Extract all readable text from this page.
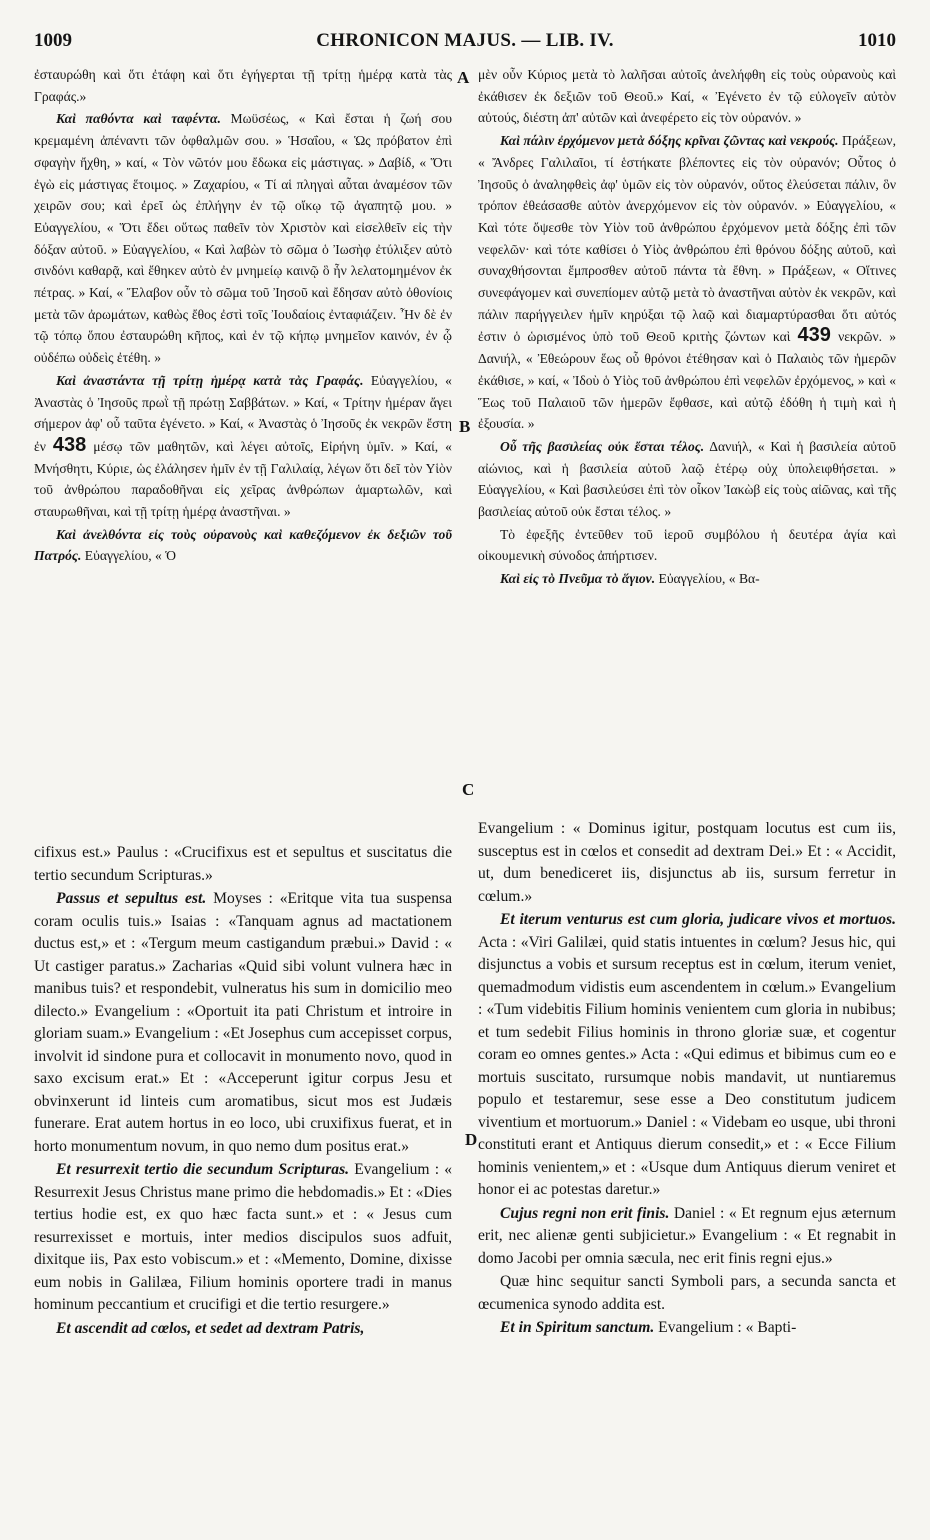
1009	CHRONICON MAJUS. — LIB. IV.	1010

ἐσταυρώθη καὶ ὅτι ἐτάφη καὶ ὅτι ἐγήγερται τῇ τρίτῃ ἡμέρᾳ κατὰ τὰς Γραφάς.»

Καὶ παθόντα καὶ ταφέντα. Μωϋσέως, « Καὶ ἔσται ἡ ζωή σου κρεμαμένη ἀπέναντι τῶν ὀφθαλμῶν σου. » Ἡσαΐου, « Ὡς πρόβατον ἐπὶ σφαγὴν ἤχθη, » καί, « Τὸν νῶτόν μου ἔδωκα εἰς μάστιγας. » Δαβίδ, « Ὅτι ἐγὼ εἰς μάστιγας ἕτοιμος. » Ζαχαρίου, « Τί αἱ πληγαὶ αὗται ἀναμέσον τῶν χειρῶν σου; καὶ ἐρεῖ ὡς ἐπλήγην ἐν τῷ οἴκῳ τῷ ἀγαπητῷ μου. » Εὐαγγελίου, « Ὅτι ἔδει οὕτως παθεῖν τὸν Χριστὸν καὶ εἰσελθεῖν εἰς τὴν δόξαν αὐτοῦ. » Εὐαγγελίου, « Καὶ λαβὼν τὸ σῶμα ὁ Ἰωσὴφ ἐτύλιξεν αὐτὸ σινδόνι καθαρᾷ, καὶ ἔθηκεν αὐτὸ ἐν μνημείῳ καινῷ ὃ ἦν λελατομημένον ἐκ πέτρας. » Καί, « Ἔλαβον οὖν τὸ σῶμα τοῦ Ἰησοῦ καὶ ἔδησαν αὐτὸ ὀθονίοις μετὰ τῶν ἀρωμάτων, καθὼς ἔθος ἐστὶ τοῖς Ἰουδαίοις ἐνταφιάζειν. Ἦν δὲ ἐν τῷ τόπῳ ὅπου ἐσταυρώθη κῆπος, καὶ ἐν τῷ κήπῳ μνημεῖον καινόν, ἐν ᾧ οὐδέπω οὐδεὶς ἐτέθη. »

Καὶ ἀναστάντα τῇ τρίτῃ ἡμέρᾳ κατὰ τὰς Γραφάς. Εὐαγγελίου, « Ἀναστὰς ὁ Ἰησοῦς πρωῒ τῇ πρώτῃ Σαββάτων. » Καί, « Τρίτην ἡμέραν ἄγει σήμερον ἀφ' οὗ ταῦτα ἐγένετο. » Καί, « Ἀναστὰς ὁ Ἰησοῦς ἐκ νεκρῶν ἔστη ἐν 438 μέσῳ τῶν μαθητῶν, καὶ λέγει αὐτοῖς, Εἰρήνη ὑμῖν. » Καί, « Μνήσθητι, Κύριε, ὡς ἐλάλησεν ἡμῖν ἐν τῇ Γαλιλαίᾳ, λέγων ὅτι δεῖ τὸν Υἱὸν τοῦ ἀνθρώπου παραδοθῆναι εἰς χεῖρας ἀνθρώπων ἁμαρτωλῶν, καὶ σταυρωθῆναι, καὶ τῇ τρίτῃ ἡμέρᾳ ἀναστῆναι. »

Καὶ ἀνελθόντα εἰς τοὺς οὐρανοὺς καὶ καθεζόμενον ἐκ δεξιῶν τοῦ Πατρός. Εὐαγγελίου, « Ὁ

μὲν οὖν Κύριος μετὰ τὸ λαλῆσαι αὐτοῖς ἀνελήφθη εἰς τοὺς οὐρανοὺς καὶ ἐκάθισεν ἐκ δεξιῶν τοῦ Θεοῦ.» Καί, « Ἐγένετο ἐν τῷ εὐλογεῖν αὐτὸν αὐτούς, διέστη ἀπ' αὐτῶν καὶ ἀνεφέρετο εἰς τὸν οὐρανόν. »

Καὶ πάλιν ἐρχόμενον μετὰ δόξης κρῖναι ζῶντας καὶ νεκρούς. Πράξεων, « Ἄνδρες Γαλιλαῖοι, τί ἑστήκατε βλέποντες εἰς τὸν οὐρανόν; Οὗτος ὁ Ἰησοῦς ὁ ἀναληφθεὶς ἀφ' ὑμῶν εἰς τὸν οὐρανόν, οὕτος ἐλεύσεται πάλιν, ὃν τρόπον ἐθεάσασθε αὐτὸν ἀνερχόμενον εἰς τὸν οὐρανόν. » Εὐαγγελίου, « Καὶ τότε ὄψεσθε τὸν Υἱὸν τοῦ ἀνθρώπου ἐρχόμενον μετὰ δόξης ἐπὶ τῶν νεφελῶν· καὶ τότε καθίσει ὁ Υἱὸς ἀνθρώπου ἐπὶ θρόνου δόξης αὐτοῦ, καὶ συναχθήσονται ἔμπροσθεν αὐτοῦ πάντα τὰ ἔθνη. » Πράξεων, « Οἵτινες συνεφάγομεν καὶ συνεπίομεν αὐτῷ μετὰ τὸ ἀναστῆναι αὐτὸν ἐκ νεκρῶν, καὶ πάλιν παρήγγειλεν ἡμῖν κηρύξαι τῷ λαῷ καὶ διαμαρτύρασθαι ὅτι αὐτός ἐστιν ὁ ὡρισμένος ὑπὸ τοῦ Θεοῦ κριτὴς ζώντων καὶ 439 νεκρῶν. » Δανιήλ, « Ἐθεώρουν ἕως οὗ θρόνοι ἐτέθησαν καὶ ὁ Παλαιὸς τῶν ἡμερῶν ἐκάθισε, » καί, « Ἰδοὺ ὁ Υἱὸς τοῦ ἀνθρώπου ἐπὶ νεφελῶν ἐρχόμενος, » καὶ « Ἕως τοῦ Παλαιοῦ τῶν ἡμερῶν ἔφθασε, καὶ αὐτῷ ἐδόθη ἡ τιμὴ καὶ ἡ ἐξουσία. »

Οὗ τῆς βασιλείας οὐκ ἔσται τέλος. Δανιήλ, « Καὶ ἡ βασιλεία αὐτοῦ αἰώνιος, καὶ ἡ βασιλεία αὐτοῦ λαῷ ἑτέρῳ οὐχ ὑπολειφθήσεται. » Εὐαγγελίου, « Καὶ βασιλεύσει ἐπὶ τὸν οἶκον Ἰακὼβ εἰς τοὺς αἰῶνας, καὶ τῆς βασιλείας αὐτοῦ οὐκ ἔσται τέλος. »

Τὸ ἐφεξῆς ἐντεῦθεν τοῦ ἱεροῦ συμβόλου ἡ δευτέρα ἁγία καὶ οἰκουμενικὴ σύνοδος ἀπήρτισεν.

Καὶ εἰς τὸ Πνεῦμα τὸ ἅγιον. Εὐαγγελίου, « Βα-

cifixus est.» Paulus : «Crucifixus est et sepultus et suscitatus die tertio secundum Scripturas.»

Passus et sepultus est. Moyses : «Eritque vita tua suspensa coram oculis tuis.» Isaias : «Tanquam agnus ad mactationem ductus est,» et : «Tergum meum castigandum præbui.» David : « Ut castiger paratus.» Zacharias «Quid sibi volunt vulnera hæc in manibus tuis? et respondebit, vulneratus his sum in domicilio meo dilecto.» Evangelium : «Oportuit ita pati Christum et introire in gloriam suam.» Evangelium : «Et Josephus cum accepisset corpus, involvit id sindone pura et collocavit in monumento novo, quod in saxo excisum erat.» Et : «Acceperunt igitur corpus Jesu et obvinxerunt id linteis cum aromatibus, sicut mos est Judæis funerare. Erat autem hortus in eo loco, ubi cruxifixus fuerat, et in horto monumentum novum, in quo nemo dum positus erat.»

Et resurrexit tertio die secundum Scripturas. Evangelium : « Resurrexit Jesus Christus mane primo die hebdomadis.» Et : «Dies tertius hodie est, ex quo hæc facta sunt.» et : « Jesus cum resurrexisset e mortuis, inter medios discipulos suos adfuit, dixitque iis, Pax esto vobiscum.» et : «Memento, Domine, dixisse eum nobis in Galilæa, Filium hominis oportere tradi in manus hominum peccantium et crucifigi et die tertio resurgere.»

Et ascendit ad cœlos, et sedet ad dextram Patris,

Evangelium : « Dominus igitur, postquam locutus est cum iis, susceptus est in cœlos et consedit ad dextram Dei.» Et : « Accidit, ut, dum benediceret iis, disjunctus ab iis, sursum ferretur in cœlum.»

Et iterum venturus est cum gloria, judicare vivos et mortuos. Acta : «Viri Galilæi, quid statis intuentes in cœlum? Jesus hic, qui disjunctus a vobis et sursum receptus est in cœlum, iterum veniet, quemadmodum vidistis eum ascendentem in cœlum.» Evangelium : «Tum videbitis Filium hominis venientem cum gloria in nubibus; et tum sedebit Filius hominis in throno gloriæ suæ, et cogentur coram eo omnes gentes.» Acta : «Qui edimus et bibimus cum eo e mortuis suscitato, rursumque nobis mandavit, ut nuntiaremus populo et testaremur, sese esse a Deo constitutum judicem viventium et mortuorum.» Daniel : « Videbam eo usque, ubi throni constituti erant et Antiquus dierum consedit,» et : « Ecce Filium hominis venientem,» et : «Usque dum Antiquus dierum veniret et honor ei ac potestas daretur.»

Cujus regni non erit finis. Daniel : « Et regnum ejus æternum erit, nec alienæ genti subjicietur.» Evangelium : « Et regnabit in domo Jacobi per omnia sæcula, nec erit finis regni ejus.»

Quæ hinc sequitur sancti Symboli pars, a secunda sancta et œcumenica synodo addita est.

Et in Spiritum sanctum. Evangelium : « Bapti-

A
B
C
D
